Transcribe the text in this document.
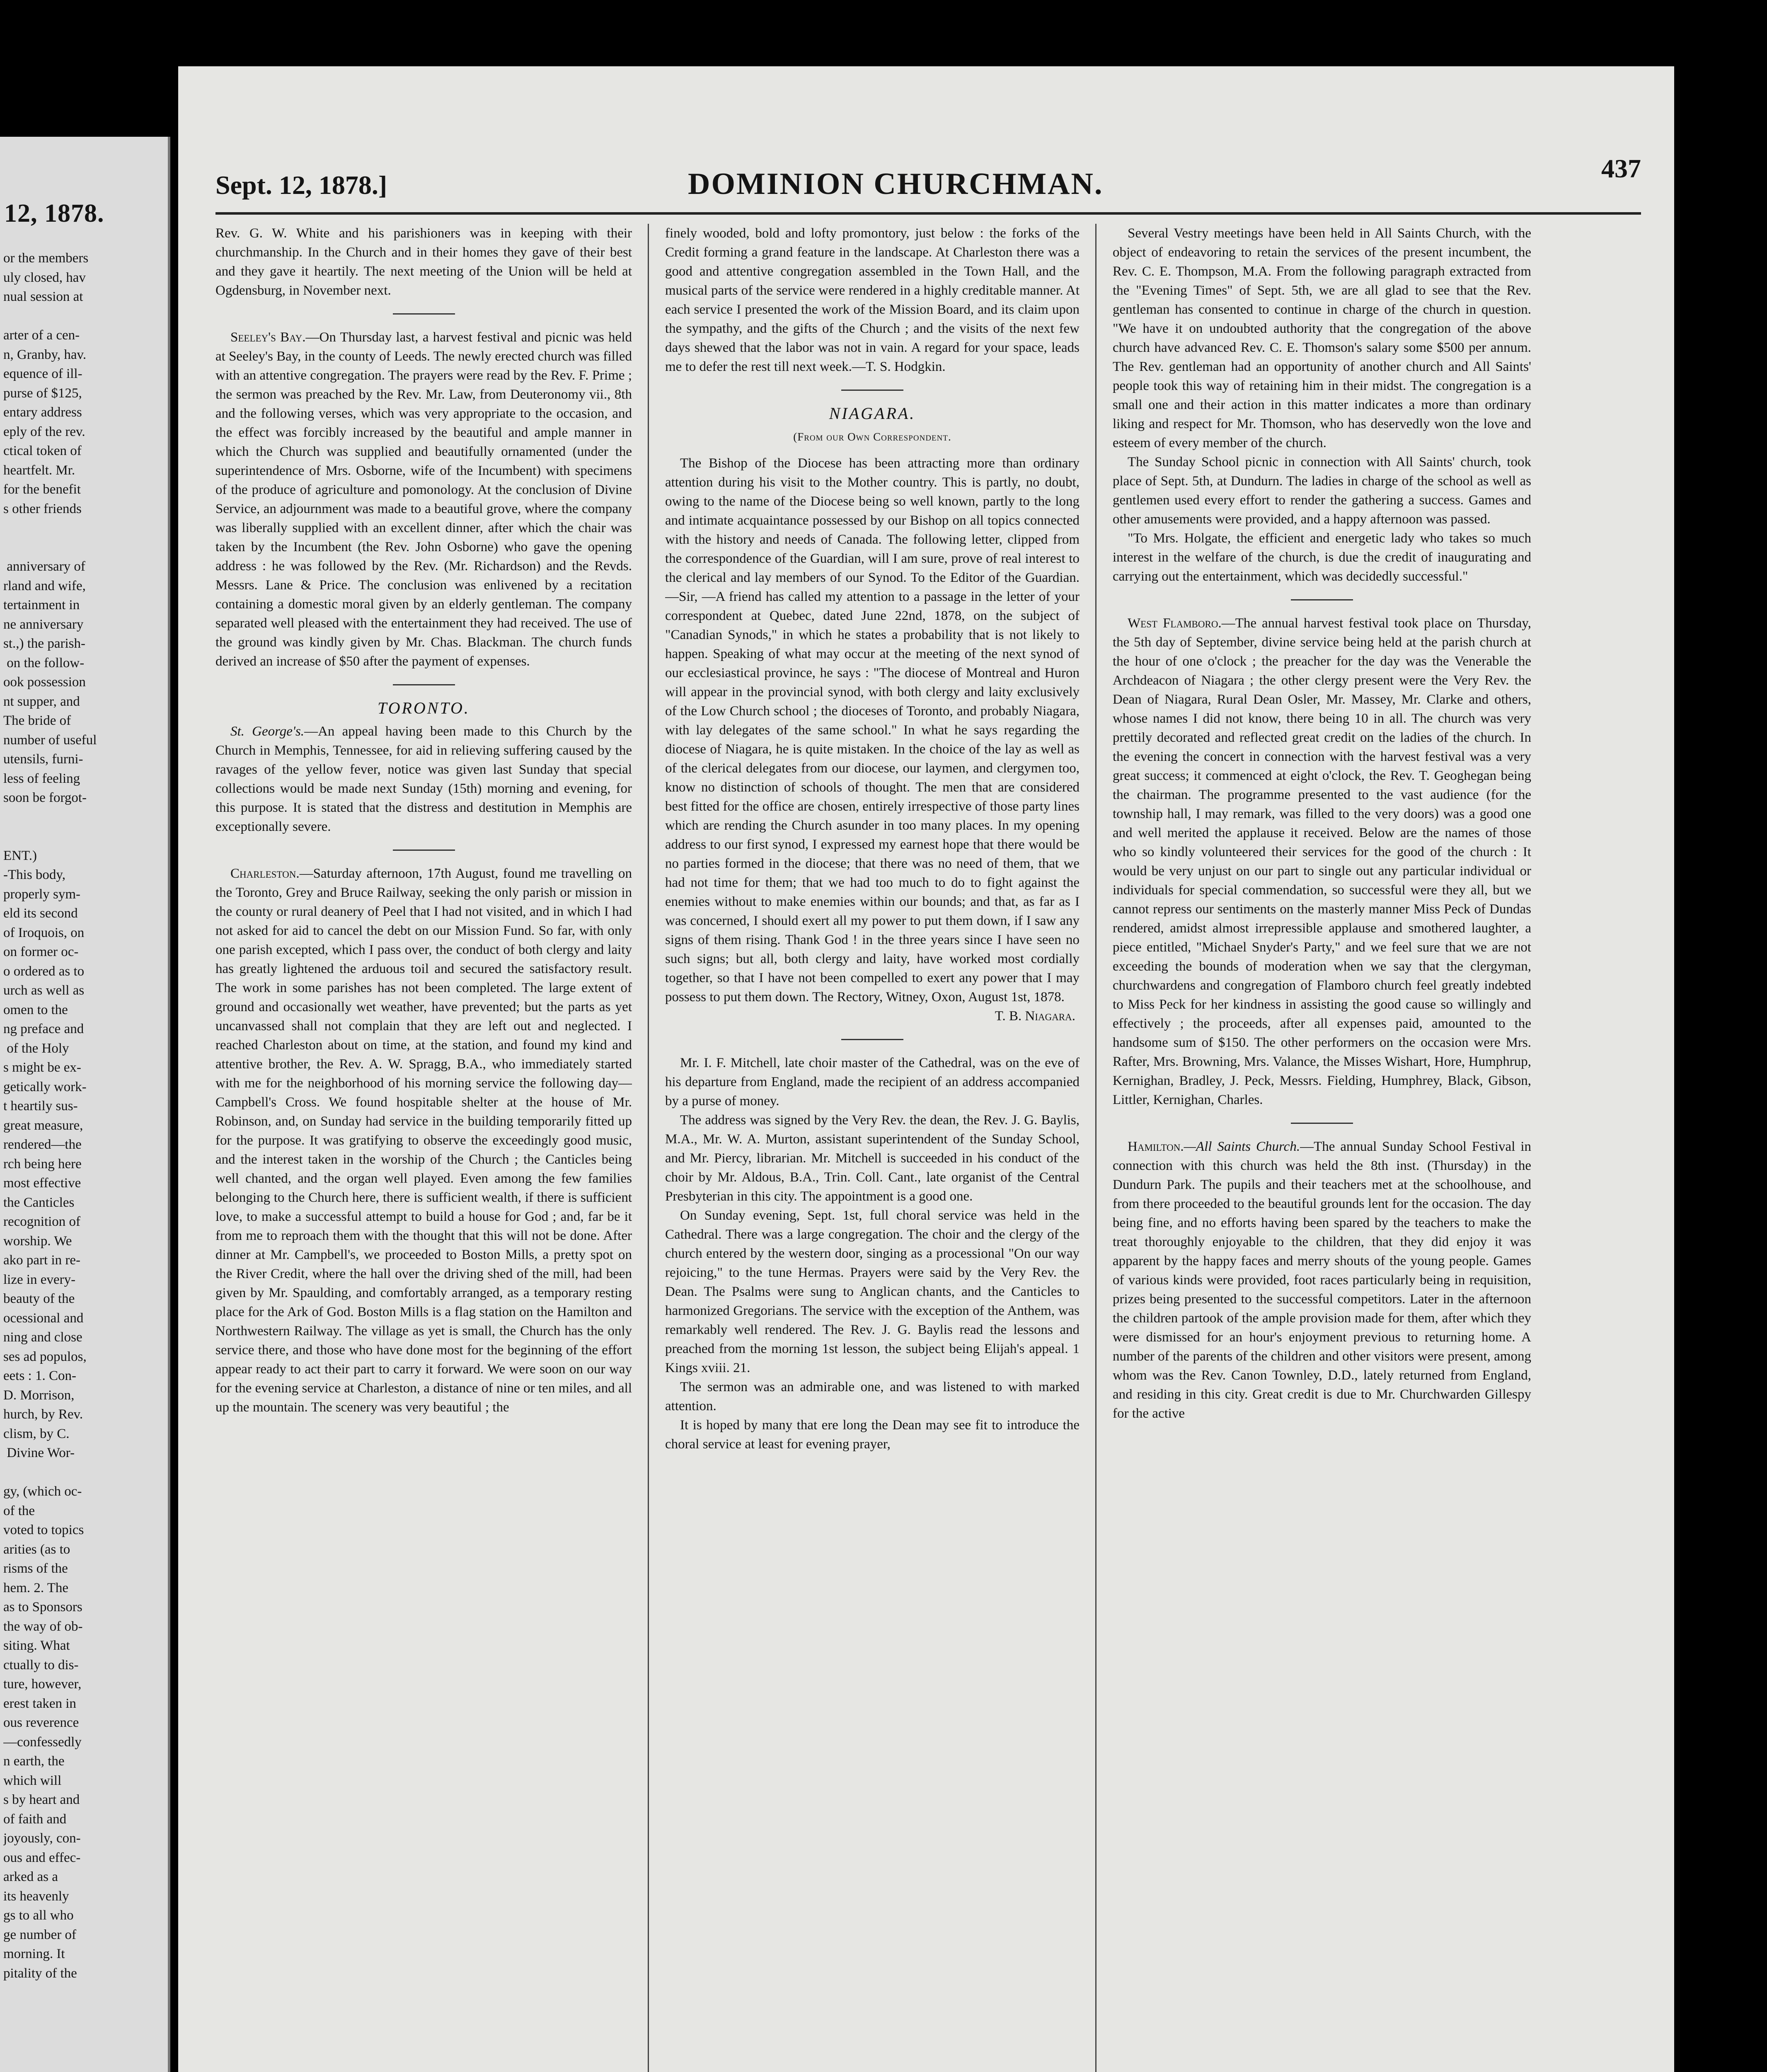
12, 1878.
or the members
uly closed, hav
nual session at

arter of a cen-
n, Granby, hav.
equence of ill-
purse of $125,
entary address
eply of the rev.
ctical token of
heartfelt. Mr.
for the benefit
s other friends

anniversary of
rland and wife,
tertainment in
ne anniversary
st.,) the parish-
on the follow-
ook possession
nt supper, and
The bride of
number of useful
utensils, furni-
less of feeling
soon be forgot-

ENT.)
-This body,
properly sym-
eld its second
of Iroquois, on
on former oc-
o ordered as to
urch as well as
omen to the
ng preface and
of the Holy
s might be ex-
getically work-
t heartily sus-
great measure,
rendered—the
rch being here
most effective
the Canticles
recognition of
worship. We
ako part in re-
lize in every-
beauty of the
ocessional and
ning and close
ses ad populos,
eets : 1. Con-
D. Morrison,
hurch, by Rev.
clism, by C.
Divine Wor-

gy, (which oc-
of the
voted to topics
arities (as to
risms of the
hem. 2. The
as to Sponsors
the way of ob-
siting. What
ctually to dis-
ture, however,
erest taken in
ous reverence
—confessedly
n earth, the
which will
s by heart and
of faith and
joyously, con-
ous and effec-
arked as a
its heavenly
gs to all who
ge number of
morning. It
pitality of the
Sept. 12, 1878.]	DOMINION CHURCHMAN.	437

Rev. G. W. White and his parishioners was in keeping with their churchmanship. In the Church and in their homes they gave of their best and they gave it heartily. The next meeting of the Union will be held at Ogdensburg, in November next.

Seeley's Bay.—On Thursday last, a harvest festival and picnic was held at Seeley's Bay, in the county of Leeds. The newly erected church was filled with an attentive congregation. The prayers were read by the Rev. F. Prime ; the sermon was preached by the Rev. Mr. Law, from Deuteronomy vii., 8th and the following verses, which was very appropriate to the occasion, and the effect was forcibly increased by the beautiful and ample manner in which the Church was supplied and beautifully ornamented (under the superintendence of Mrs. Osborne, wife of the Incumbent) with specimens of the produce of agriculture and pomonology. At the conclusion of Divine Service, an adjournment was made to a beautiful grove, where the company was liberally supplied with an excellent dinner, after which the chair was taken by the Incumbent (the Rev. John Osborne) who gave the opening address : he was followed by the Rev. (Mr. Richardson) and the Revds. Messrs. Lane & Price. The conclusion was enlivened by a recitation containing a domestic moral given by an elderly gentleman. The company separated well pleased with the entertainment they had received. The use of the ground was kindly given by Mr. Chas. Blackman. The church funds derived an increase of $50 after the payment of expenses.

TORONTO.

St. George's.—An appeal having been made to this Church by the Church in Memphis, Tennessee, for aid in relieving suffering caused by the ravages of the yellow fever, notice was given last Sunday that special collections would be made next Sunday (15th) morning and evening, for this purpose. It is stated that the distress and destitution in Memphis are exceptionally severe.

Charleston.—Saturday afternoon, 17th August, found me travelling on the Toronto, Grey and Bruce Railway, seeking the only parish or mission in the county or rural deanery of Peel that I had not visited, and in which I had not asked for aid to cancel the debt on our Mission Fund. So far, with only one parish excepted, which I pass over, the conduct of both clergy and laity has greatly lightened the arduous toil and secured the satisfactory result. The work in some parishes has not been completed. The large extent of ground and occasionally wet weather, have prevented; but the parts as yet uncanvassed shall not complain that they are left out and neglected. I reached Charleston about on time, at the station, and found my kind and attentive brother, the Rev. A. W. Spragg, B.A., who immediately started with me for the neighborhood of his morning service the following day—Campbell's Cross. We found hospitable shelter at the house of Mr. Robinson, and, on Sunday had service in the building temporarily fitted up for the purpose. It was gratifying to observe the exceedingly good music, and the interest taken in the worship of the Church ; the Canticles being well chanted, and the organ well played. Even among the few families belonging to the Church here, there is sufficient wealth, if there is sufficient love, to make a successful attempt to build a house for God ; and, far be it from me to reproach them with the thought that this will not be done. After dinner at Mr. Campbell's, we proceeded to Boston Mills, a pretty spot on the River Credit, where the hall over the driving shed of the mill, had been given by Mr. Spaulding, and comfortably arranged, as a temporary resting place for the Ark of God. Boston Mills is a flag station on the Hamilton and Northwestern Railway. The village as yet is small, the Church has the only service there, and those who have done most for the beginning of the effort appear ready to act their part to carry it forward. We were soon on our way for the evening service at Charleston, a distance of nine or ten miles, and all up the mountain. The scenery was very beautiful ; the

finely wooded, bold and lofty promontory, just below : the forks of the Credit forming a grand feature in the landscape. At Charleston there was a good and attentive congregation assembled in the Town Hall, and the musical parts of the service were rendered in a highly creditable manner. At each service I presented the work of the Mission Board, and its claim upon the sympathy, and the gifts of the Church ; and the visits of the next few days shewed that the labor was not in vain. A regard for your space, leads me to defer the rest till next week.—T. S. Hodgkin.

NIAGARA.
(From our Own Correspondent.

The Bishop of the Diocese has been attracting more than ordinary attention during his visit to the Mother country. This is partly, no doubt, owing to the name of the Diocese being so well known, partly to the long and intimate acquaintance possessed by our Bishop on all topics connected with the history and needs of Canada. The following letter, clipped from the correspondence of the Guardian, will I am sure, prove of real interest to the clerical and lay members of our Synod. To the Editor of the Guardian.—Sir, —A friend has called my attention to a passage in the letter of your correspondent at Quebec, dated June 22nd, 1878, on the subject of "Canadian Synods," in which he states a probability that is not likely to happen. Speaking of what may occur at the meeting of the next synod of our ecclesiastical province, he says : "The diocese of Montreal and Huron will appear in the provincial synod, with both clergy and laity exclusively of the Low Church school ; the dioceses of Toronto, and probably Niagara, with lay delegates of the same school." In what he says regarding the diocese of Niagara, he is quite mistaken. In the choice of the lay as well as of the clerical delegates from our diocese, our laymen, and clergymen too, know no distinction of schools of thought. The men that are considered best fitted for the office are chosen, entirely irrespective of those party lines which are rending the Church asunder in too many places. In my opening address to our first synod, I expressed my earnest hope that there would be no parties formed in the diocese; that there was no need of them, that we had not time for them; that we had too much to do to fight against the enemies without to make enemies within our bounds; and that, as far as I was concerned, I should exert all my power to put them down, if I saw any signs of them rising. Thank God ! in the three years since I have seen no such signs; but all, both clergy and laity, have worked most cordially together, so that I have not been compelled to exert any power that I may possess to put them down. The Rectory, Witney, Oxon, August 1st, 1878.

T. B. Niagara.

Mr. I. F. Mitchell, late choir master of the Cathedral, was on the eve of his departure from England, made the recipient of an address accompanied by a purse of money.

The address was signed by the Very Rev. the dean, the Rev. J. G. Baylis, M.A., Mr. W. A. Murton, assistant superintendent of the Sunday School, and Mr. Piercy, librarian. Mr. Mitchell is succeeded in his conduct of the choir by Mr. Aldous, B.A., Trin. Coll. Cant., late organist of the Central Presbyterian in this city. The appointment is a good one.

On Sunday evening, Sept. 1st, full choral service was held in the Cathedral. There was a large congregation. The choir and the clergy of the church entered by the western door, singing as a processional "On our way rejoicing," to the tune Hermas. Prayers were said by the Very Rev. the Dean. The Psalms were sung to Anglican chants, and the Canticles to harmonized Gregorians. The service with the exception of the Anthem, was remarkably well rendered. The Rev. J. G. Baylis read the lessons and preached from the morning 1st lesson, the subject being Elijah's appeal. 1 Kings xviii. 21.

The sermon was an admirable one, and was listened to with marked attention.

It is hoped by many that ere long the Dean may see fit to introduce the choral service at least for evening prayer,

Several Vestry meetings have been held in All Saints Church, with the object of endeavoring to retain the services of the present incumbent, the Rev. C. E. Thompson, M.A. From the following paragraph extracted from the "Evening Times" of Sept. 5th, we are all glad to see that the Rev. gentleman has consented to continue in charge of the church in question. "We have it on undoubted authority that the congregation of the above church have advanced Rev. C. E. Thomson's salary some $500 per annum. The Rev. gentleman had an opportunity of another church and All Saints' people took this way of retaining him in their midst. The congregation is a small one and their action in this matter indicates a more than ordinary liking and respect for Mr. Thomson, who has deservedly won the love and esteem of every member of the church.

The Sunday School picnic in connection with All Saints' church, took place of Sept. 5th, at Dundurn. The ladies in charge of the school as well as gentlemen used every effort to render the gathering a success. Games and other amusements were provided, and a happy afternoon was passed.

"To Mrs. Holgate, the efficient and energetic lady who takes so much interest in the welfare of the church, is due the credit of inaugurating and carrying out the entertainment, which was decidedly successful."

West Flamboro.—The annual harvest festival took place on Thursday, the 5th day of September, divine service being held at the parish church at the hour of one o'clock ; the preacher for the day was the Venerable the Archdeacon of Niagara ; the other clergy present were the Very Rev. the Dean of Niagara, Rural Dean Osler, Mr. Massey, Mr. Clarke and others, whose names I did not know, there being 10 in all. The church was very prettily decorated and reflected great credit on the ladies of the church. In the evening the concert in connection with the harvest festival was a very great success; it commenced at eight o'clock, the Rev. T. Geoghegan being the chairman. The programme presented to the vast audience (for the township hall, I may remark, was filled to the very doors) was a good one and well merited the applause it received. Below are the names of those who so kindly volunteered their services for the good of the church : It would be very unjust on our part to single out any particular individual or individuals for special commendation, so successful were they all, but we cannot repress our sentiments on the masterly manner Miss Peck of Dundas rendered, amidst almost irrepressible applause and smothered laughter, a piece entitled, "Michael Snyder's Party," and we feel sure that we are not exceeding the bounds of moderation when we say that the clergyman, churchwardens and congregation of Flamboro church feel greatly indebted to Miss Peck for her kindness in assisting the good cause so willingly and effectively ; the proceeds, after all expenses paid, amounted to the handsome sum of $150. The other performers on the occasion were Mrs. Rafter, Mrs. Browning, Mrs. Valance, the Misses Wishart, Hore, Humphrup, Kernighan, Bradley, J. Peck, Messrs. Fielding, Humphrey, Black, Gibson, Littler, Kernighan, Charles.

Hamilton.—All Saints Church.—The annual Sunday School Festival in connection with this church was held the 8th inst. (Thursday) in the Dundurn Park. The pupils and their teachers met at the schoolhouse, and from there proceeded to the beautiful grounds lent for the occasion. The day being fine, and no efforts having been spared by the teachers to make the treat thoroughly enjoyable to the children, that they did enjoy it was apparent by the happy faces and merry shouts of the young people. Games of various kinds were provided, foot races particularly being in requisition, prizes being presented to the successful competitors. Later in the afternoon the children partook of the ample provision made for them, after which they were dismissed for an hour's enjoyment previous to returning home. A number of the parents of the children and other visitors were present, among whom was the Rev. Canon Townley, D.D., lately returned from England, and residing in this city. Great credit is due to Mr. Churchwarden Gillespy for the active
